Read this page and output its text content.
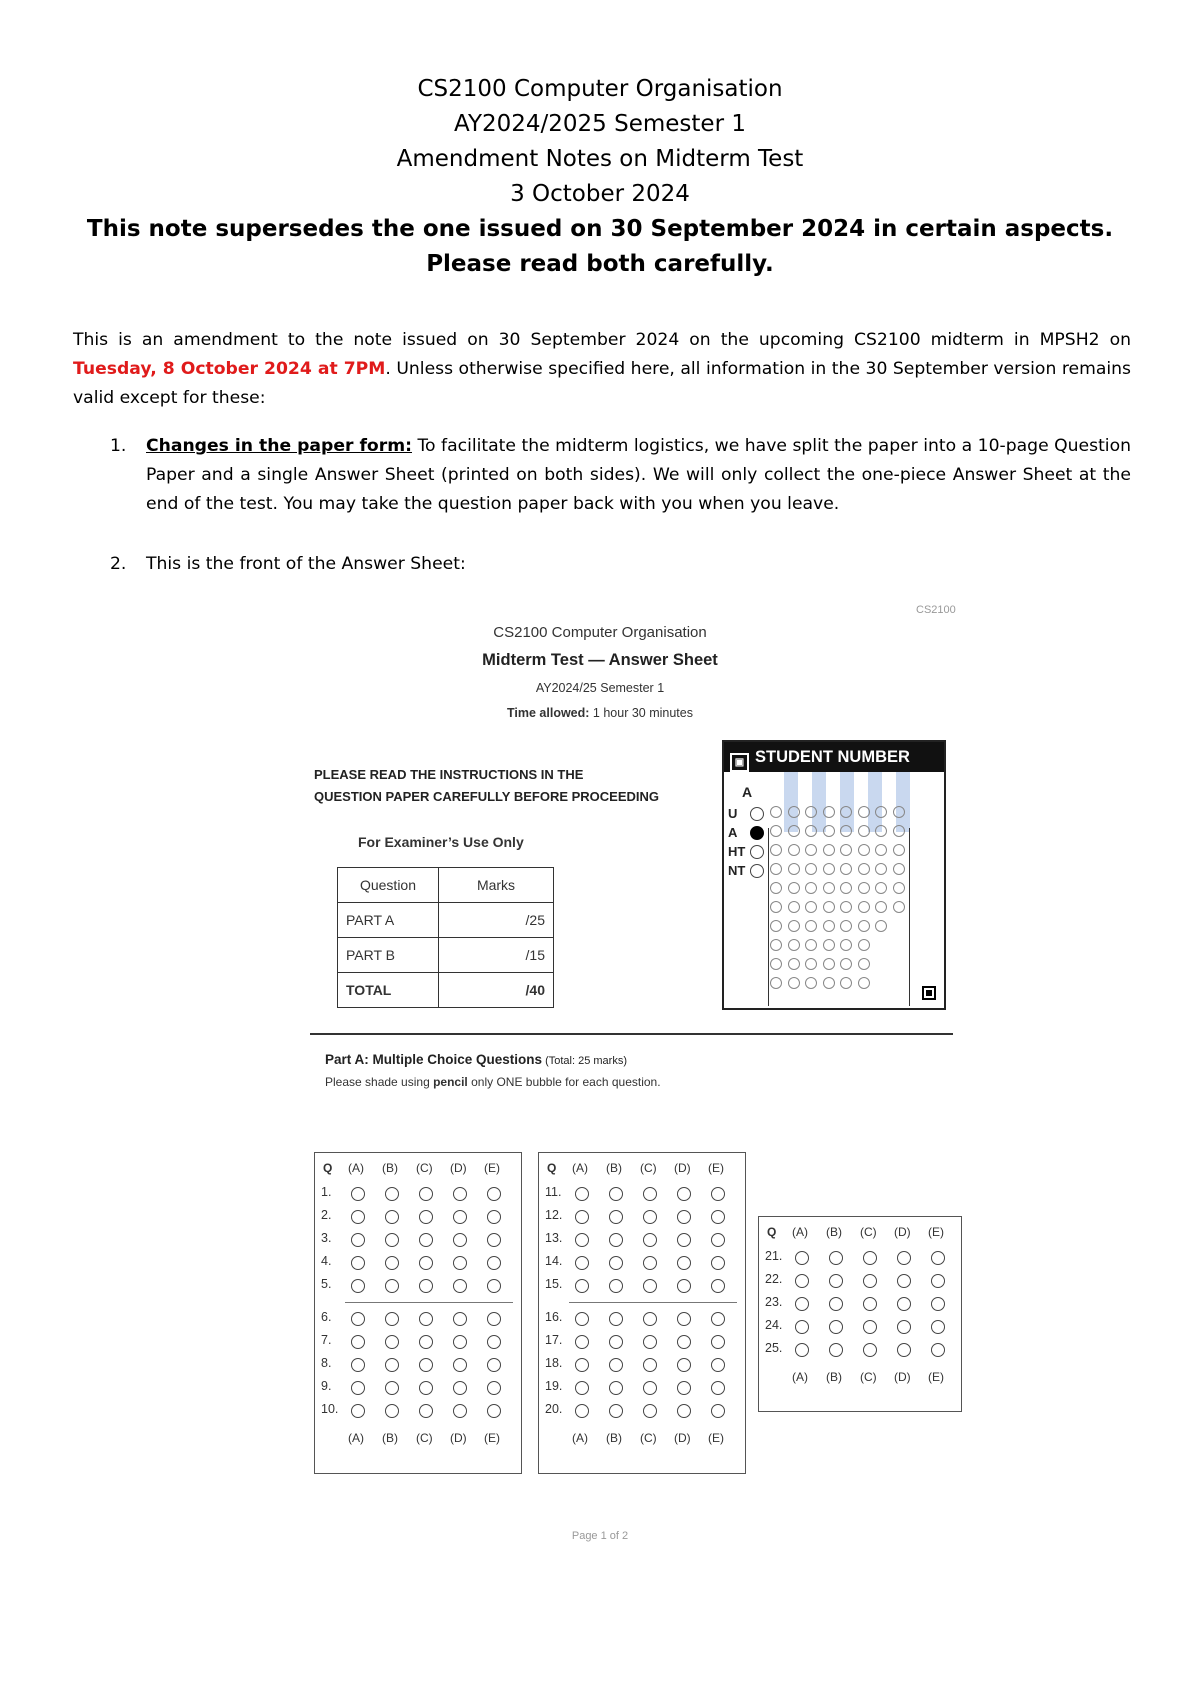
CS2100 Computer Organisation
AY2024/2025 Semester 1
Amendment Notes on Midterm Test
3 October 2024
This note supersedes the one issued on 30 September 2024 in certain aspects.
Please read both carefully.
This is an amendment to the note issued on 30 September 2024 on the upcoming CS2100 midterm in MPSH2 on Tuesday, 8 October 2024 at 7PM. Unless otherwise specified here, all information in the 30 September version remains valid except for these:
1. Changes in the paper form: To facilitate the midterm logistics, we have split the paper into a 10-page Question Paper and a single Answer Sheet (printed on both sides). We will only collect the one-piece Answer Sheet at the end of the test. You may take the question paper back with you when you leave.
2. This is the front of the Answer Sheet:
CS2100
CS2100 Computer Organisation
Midterm Test — Answer Sheet
AY2024/25 Semester 1
Time allowed: 1 hour 30 minutes
PLEASE READ THE INSTRUCTIONS IN THE
QUESTION PAPER CAREFULLY BEFORE PROCEEDING
For Examiner’s Use Only
Question	Marks
PART A	/25
PART B	/15
TOTAL	/40
▣ STUDENT NUMBER
A
U
A
HT
NT
Part A: Multiple Choice Questions (Total: 25 marks)
Please shade using pencil only ONE bubble for each question.
Q (A) (B) (C) (D) (E)
1.
2.
3.
4.
5.
6.
7.
8.
9.
10.
(A) (B) (C) (D) (E)
Q (A) (B) (C) (D) (E)
11.
12.
13.
14.
15.
16.
17.
18.
19.
20.
(A) (B) (C) (D) (E)
Q (A) (B) (C) (D) (E)
21.
22.
23.
24.
25.
(A) (B) (C) (D) (E)
Page 1 of 2
